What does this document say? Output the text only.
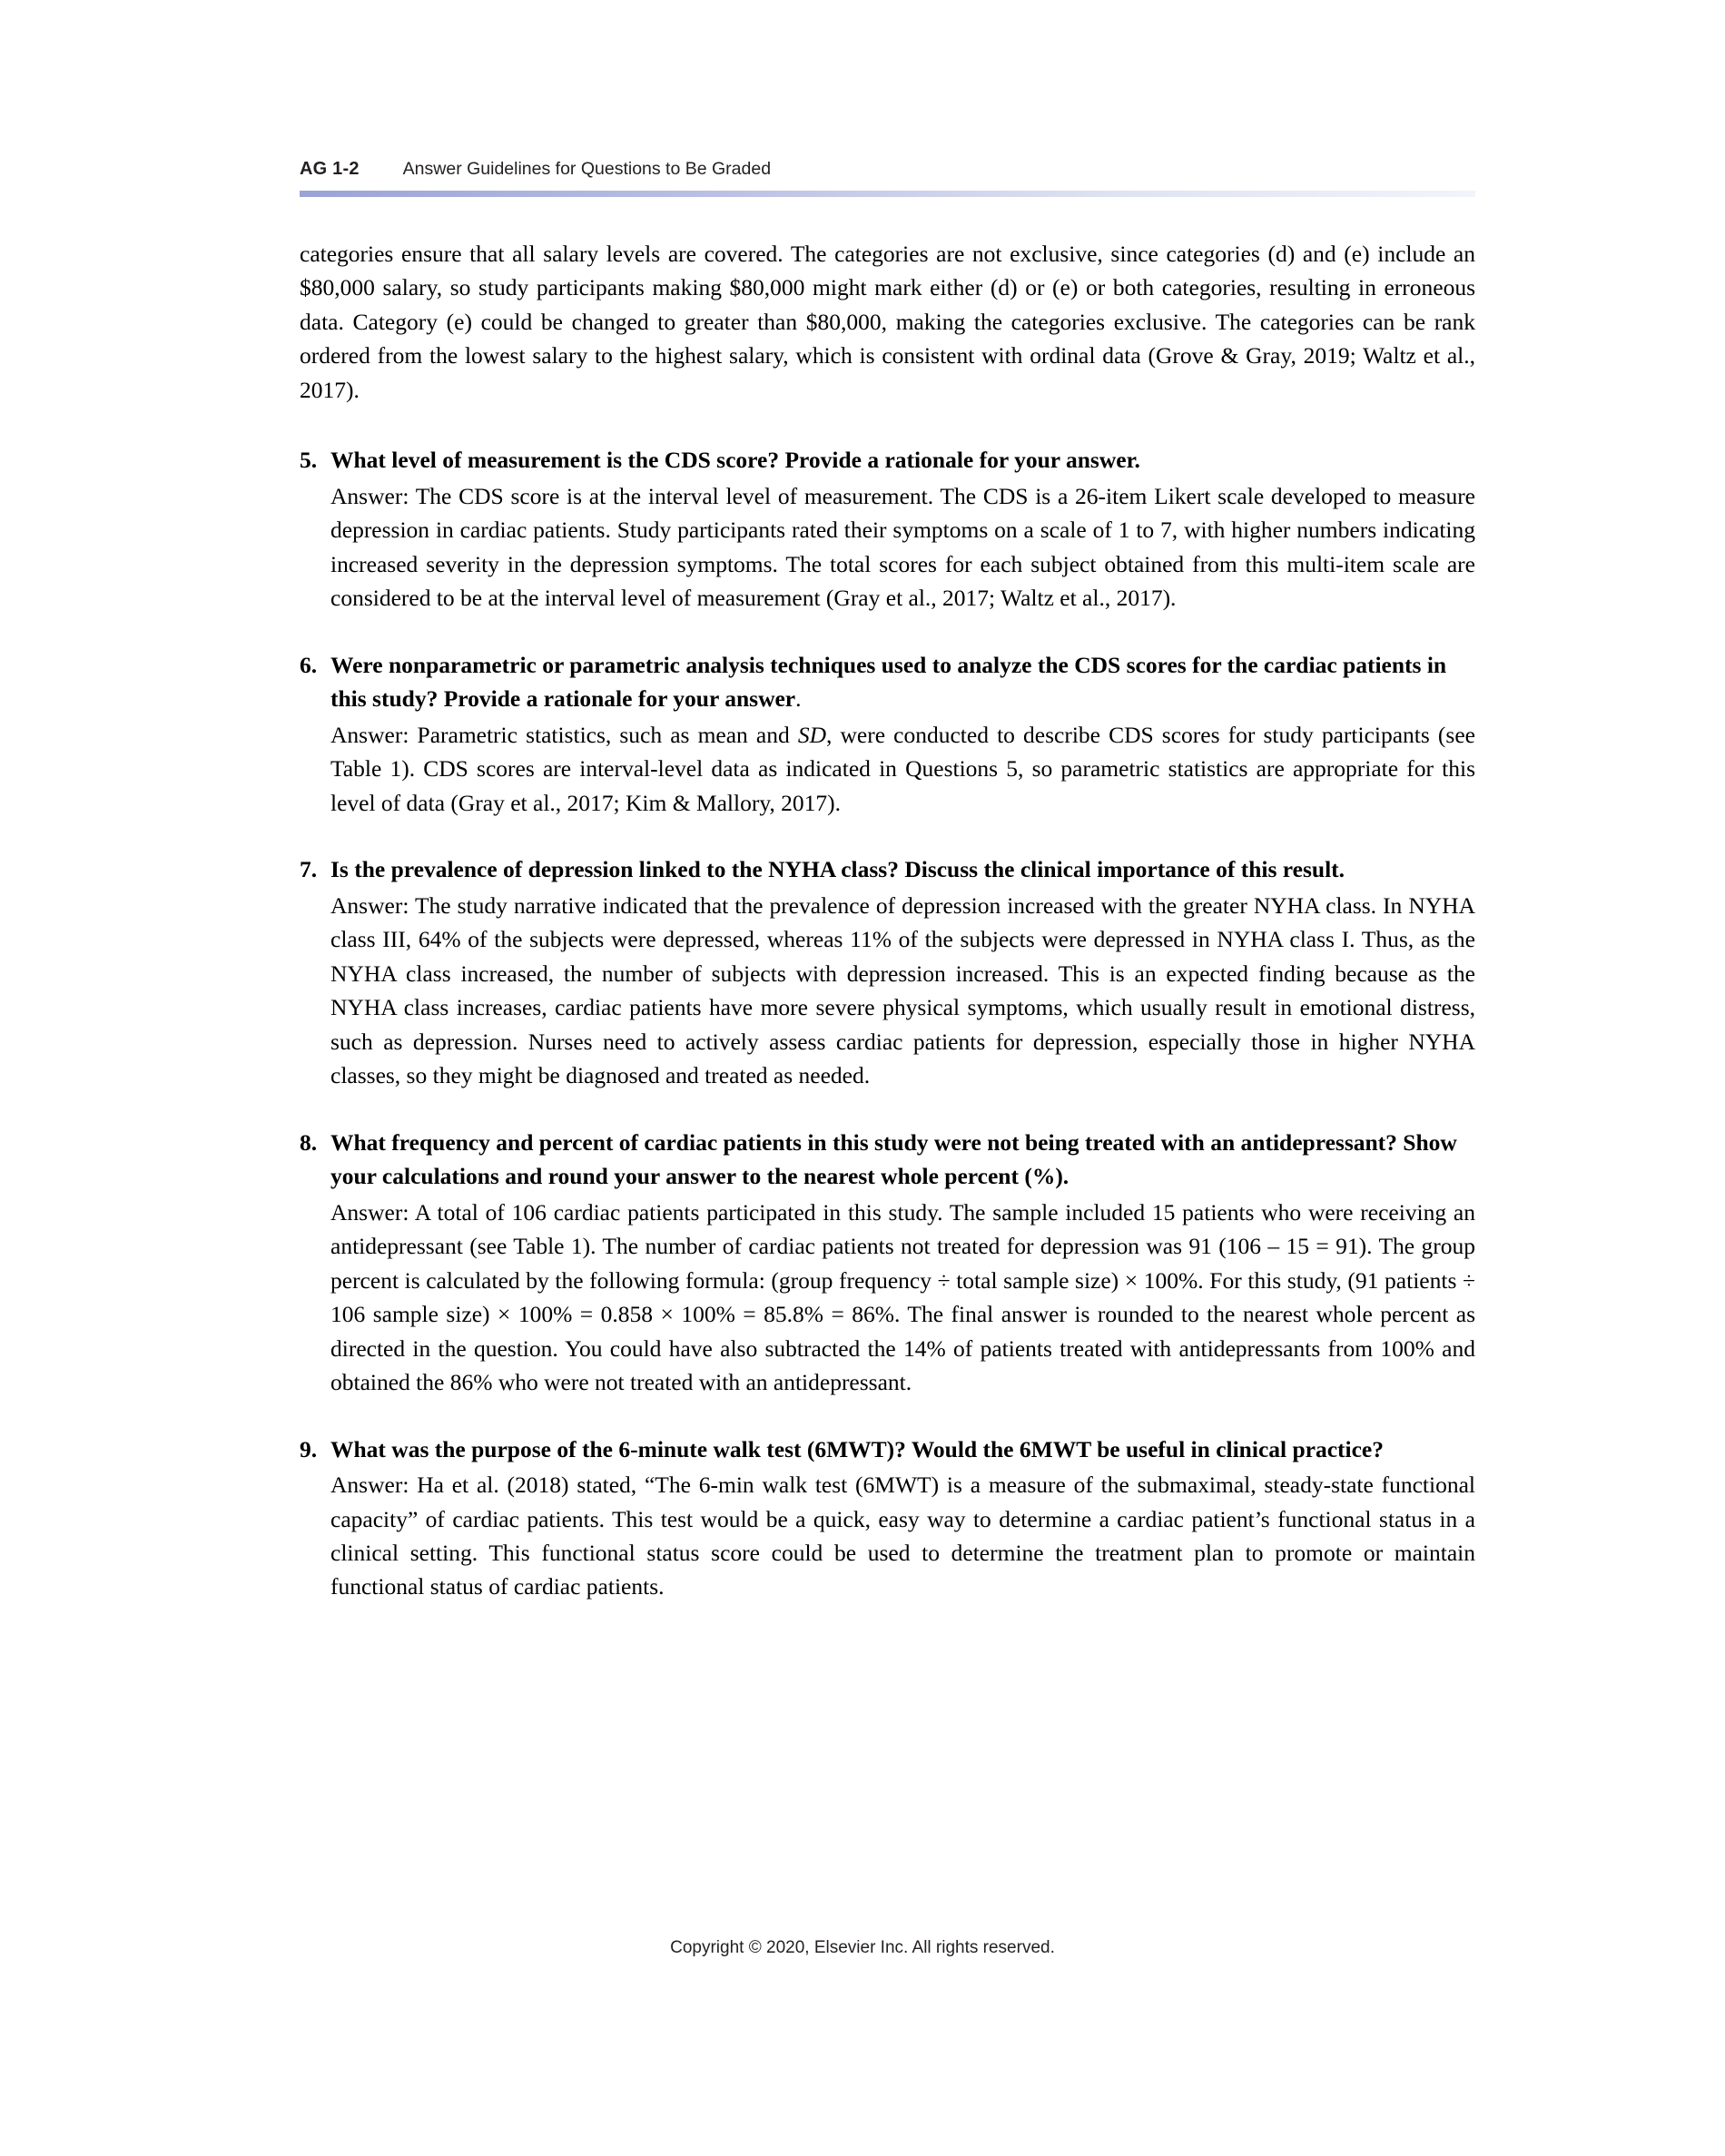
AG 1-2 Answer Guidelines for Questions to Be Graded

categories ensure that all salary levels are covered. The categories are not exclusive, since categories (d) and (e) include an $80,000 salary, so study participants making $80,000 might mark either (d) or (e) or both categories, resulting in erroneous data. Category (e) could be changed to greater than $80,000, making the categories exclusive. The categories can be rank ordered from the lowest salary to the highest salary, which is consistent with ordinal data (Grove & Gray, 2019; Waltz et al., 2017).

5. What level of measurement is the CDS score? Provide a rationale for your answer.

Answer: The CDS score is at the interval level of measurement. The CDS is a 26-item Likert scale developed to measure depression in cardiac patients. Study participants rated their symptoms on a scale of 1 to 7, with higher numbers indicating increased severity in the depression symptoms. The total scores for each subject obtained from this multi-item scale are considered to be at the interval level of measurement (Gray et al., 2017; Waltz et al., 2017).

6. Were nonparametric or parametric analysis techniques used to analyze the CDS scores for the cardiac patients in this study? Provide a rationale for your answer.

Answer: Parametric statistics, such as mean and SD, were conducted to describe CDS scores for study participants (see Table 1). CDS scores are interval-level data as indicated in Questions 5, so parametric statistics are appropriate for this level of data (Gray et al., 2017; Kim & Mallory, 2017).

7. Is the prevalence of depression linked to the NYHA class? Discuss the clinical importance of this result.

Answer: The study narrative indicated that the prevalence of depression increased with the greater NYHA class. In NYHA class III, 64% of the subjects were depressed, whereas 11% of the subjects were depressed in NYHA class I. Thus, as the NYHA class increased, the number of subjects with depression increased. This is an expected finding because as the NYHA class increases, cardiac patients have more severe physical symptoms, which usually result in emotional distress, such as depression. Nurses need to actively assess cardiac patients for depression, especially those in higher NYHA classes, so they might be diagnosed and treated as needed.

8. What frequency and percent of cardiac patients in this study were not being treated with an antidepressant? Show your calculations and round your answer to the nearest whole percent (%).

Answer: A total of 106 cardiac patients participated in this study. The sample included 15 patients who were receiving an antidepressant (see Table 1). The number of cardiac patients not treated for depression was 91 (106 – 15 = 91). The group percent is calculated by the following formula: (group frequency ÷ total sample size) × 100%. For this study, (91 patients ÷ 106 sample size) × 100% = 0.858 × 100% = 85.8% = 86%. The final answer is rounded to the nearest whole percent as directed in the question. You could have also subtracted the 14% of patients treated with antidepressants from 100% and obtained the 86% who were not treated with an antidepressant.

9. What was the purpose of the 6-minute walk test (6MWT)? Would the 6MWT be useful in clinical practice?

Answer: Ha et al. (2018) stated, “The 6-min walk test (6MWT) is a measure of the submaximal, steady-state functional capacity” of cardiac patients. This test would be a quick, easy way to determine a cardiac patient’s functional status in a clinical setting. This functional status score could be used to determine the treatment plan to promote or maintain functional status of cardiac patients.

Copyright © 2020, Elsevier Inc. All rights reserved.
